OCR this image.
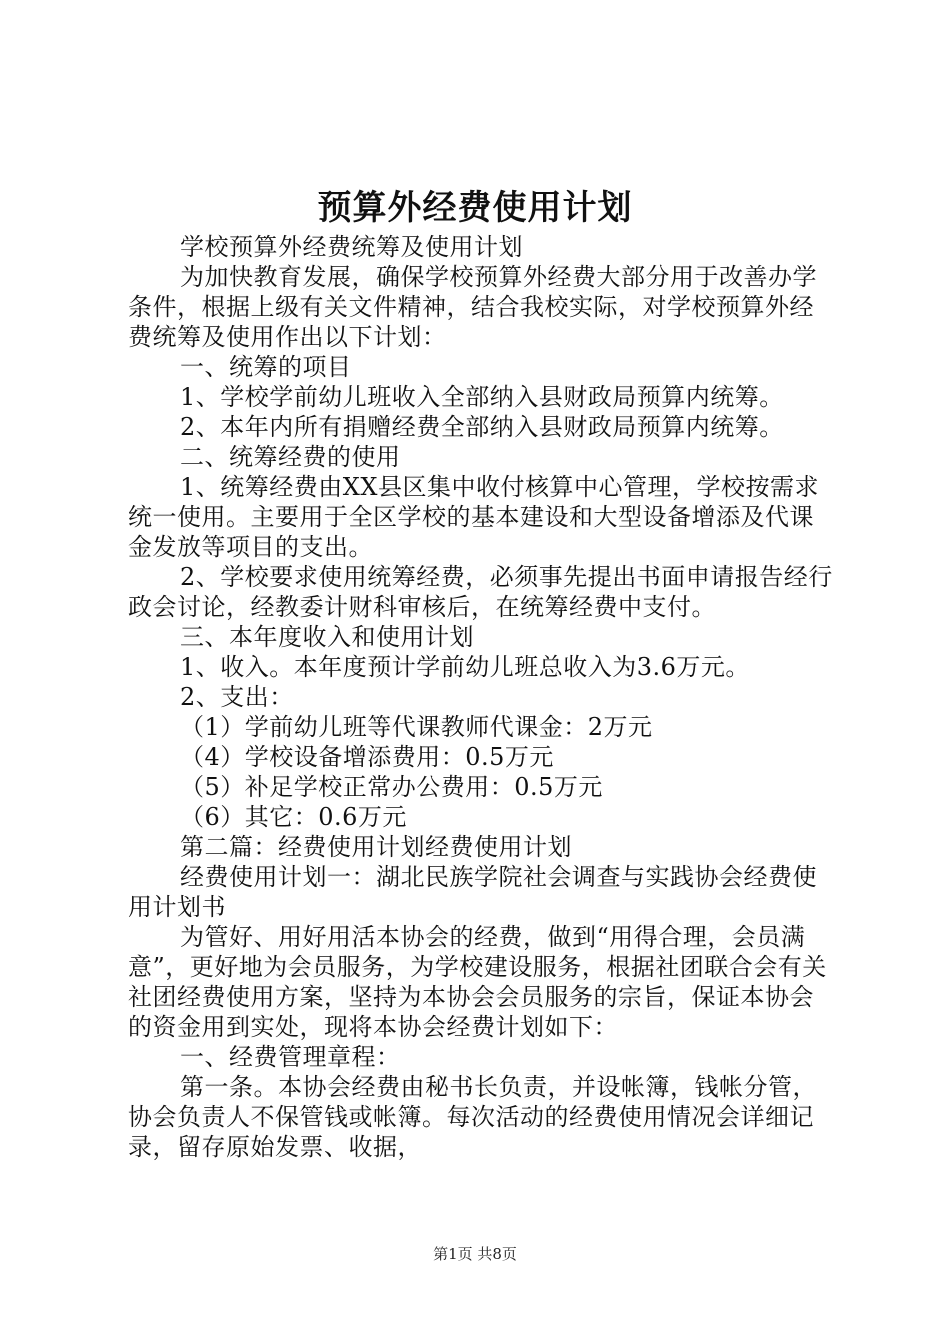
预算外经费使用计划

学校预算外经费统筹及使用计划

为加快教育发展，确保学校预算外经费大部分用于改善办学条件，根据上级有关文件精神，结合我校实际，对学校预算外经费统筹及使用作出以下计划：

一、统筹的项目

1、学校学前幼儿班收入全部纳入县财政局预算内统筹。

2、本年内所有捐赠经费全部纳入县财政局预算内统筹。

二、统筹经费的使用

1、统筹经费由XX县区集中收付核算中心管理，学校按需求统一使用。主要用于全区学校的基本建设和大型设备增添及代课金发放等项目的支出。

2、学校要求使用统筹经费，必须事先提出书面申请报告经行政会讨论，经教委计财科审核后，在统筹经费中支付。

三、本年度收入和使用计划

1、收入。本年度预计学前幼儿班总收入为3.6万元。

2、支出：

（1）学前幼儿班等代课教师代课金：2万元

（4）学校设备增添费用：0.5万元

（5）补足学校正常办公费用：0.5万元

（6）其它：0.6万元

第二篇：经费使用计划经费使用计划

经费使用计划一：湖北民族学院社会调查与实践协会经费使用计划书

为管好、用好用活本协会的经费，做到“用得合理，会员满意”，更好地为会员服务，为学校建设服务，根据社团联合会有关社团经费使用方案，坚持为本协会会员服务的宗旨，保证本协会的资金用到实处，现将本协会经费计划如下：

一、经费管理章程：

第一条。本协会经费由秘书长负责，并设帐簿，钱帐分管，协会负责人不保管钱或帐簿。每次活动的经费使用情况会详细记录，留存原始发票、收据，

第1页 共8页
